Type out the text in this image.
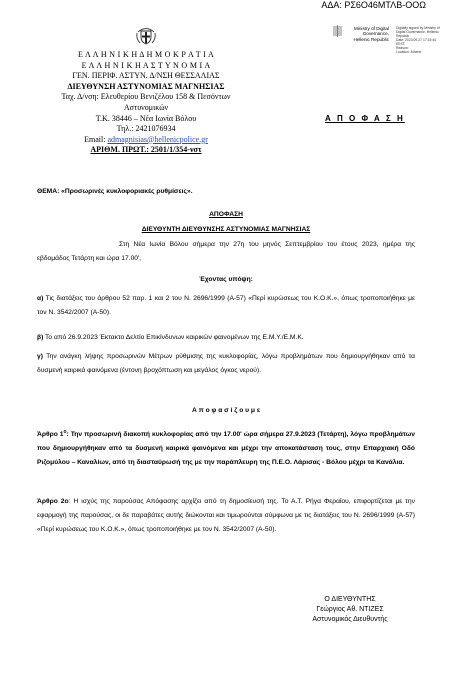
ΑΔΑ: ΡΣ6Ο46ΜΤΛΒ-ΟΟΩ
Ministry of Digital
Governance,
Hellenic Republic
Digitally signed by Ministry of
Digital Governance, Hellenic
Republic
Date: 2023.09.27 17:15:44
EEST
Reason:
Location: Athens
Ε Λ Λ Η Ν Ι Κ Η Δ Η Μ Ο Κ Ρ Α Τ Ι Α
Ε Λ Λ Η Ν Ι Κ Η Α Σ Τ Υ Ν Ο Μ Ι Α
ΓΕΝ. ΠΕΡΙΦ. ΑΣΤΥΝ. Δ/ΝΣΗ ΘΕΣΣΑΛΙΑΣ
ΔΙΕΥΘΥΝΣΗ ΑΣΤΥΝΟΜΙΑΣ ΜΑΓΝΗΣΙΑΣ
Ταχ. Δ/νση: Ελευθερίου Βενιζέλου 158 & Πεσόντων
Αστυνομικών
Τ.Κ. 38446 – Νέα Ιωνία Βόλου
Τηλ.: 2421076934
Email: admagnisias@hellenicpolice.gr
ΑΡΙΘΜ. ΠΡΩΤ.: 2501/1/354-νστ
Α Π Ο Φ Α Σ Η
ΘΕΜΑ: «Προσωρινές κυκλοφοριακές ρυθμίσεις».
ΑΠΟΦΑΣΗ
ΔΙΕΥΘΥΝΤΗ ΔΙΕΥΘΥΝΣΗΣ ΑΣΤΥΝΟΜΙΑΣ ΜΑΓΝΗΣΙΑΣ
Στη Νέα Ιωνία Βόλου σήμερα την 27η του μηνός Σεπτεμβρίου του έτους 2023, ημέρα της εβδομάδος Τετάρτη και ώρα 17.00',
Έχοντας υπόψη:
α) Τις διατάξεις του άρθρου 52 παρ. 1 και 2 του Ν. 2696/1999 (Α-57) «Περί κυρώσεως του Κ.Ο.Κ.», όπως τροποποιήθηκε με τον Ν. 3542/2007 (Α-50).
β) Το από 26.9.2023 Έκτακτο Δελτίο Επικίνδυνων καιρικών φαινομένων της Ε.Μ.Υ./Ε.Μ.Κ.
γ) Την ανάγκη λήψης προσωρινών Μέτρων ρύθμισης της κυκλοφορίας, λόγω προβλημάτων που δημιουργήθηκαν από τα δυσμενή καιρικά φαινόμενα (έντονη βροχόπτωση και μεγάλος όγκος νερού).
Α π ο φ α σ ί ζ ο υ μ ε
Άρθρο $1^o$: Την προσωρινή διακοπή κυκλοφορίας από την 17.00' ώρα σήμερα 27.9.2023 (Τετάρτη), λόγω προβλημάτων που δημιουργήθηκαν από τα δυσμενή καιρικά φαινόμενα και μέχρι την αποκατάσταση τους, στην Επαρχιακή Οδό Ριζομύλου – Καναλίων, από τη διασταύρωσή της με την παράπλευρη της Π.Ε.Ο. Λάρισας - Βόλου μέχρι τα Κανάλια.
Άρθρο 2ο: Η ισχύς της παρούσας Απόφασης αρχίζει από τη δημοσίευσή της. Το Α.Τ. Ρήγα Φεραίου, επιφορτίζεται με την εφαρμογή της παρούσας, οι δε παραβάτες αυτής διώκονται και τιμωρούνται σύμφωνα με τις διατάξεις του Ν. 2696/1999 (Α-57) «Περί κυρώσεως του Κ.Ο.Κ.», όπως τροποποιήθηκε με τον Ν. 3542/2007 (Α-50).
Ο ΔΙΕΥΘΥΝΤΗΣ
Γεώργιος Αθ. ΝΤΙΖΕΣ
Αστυνομικός Διευθυντής
